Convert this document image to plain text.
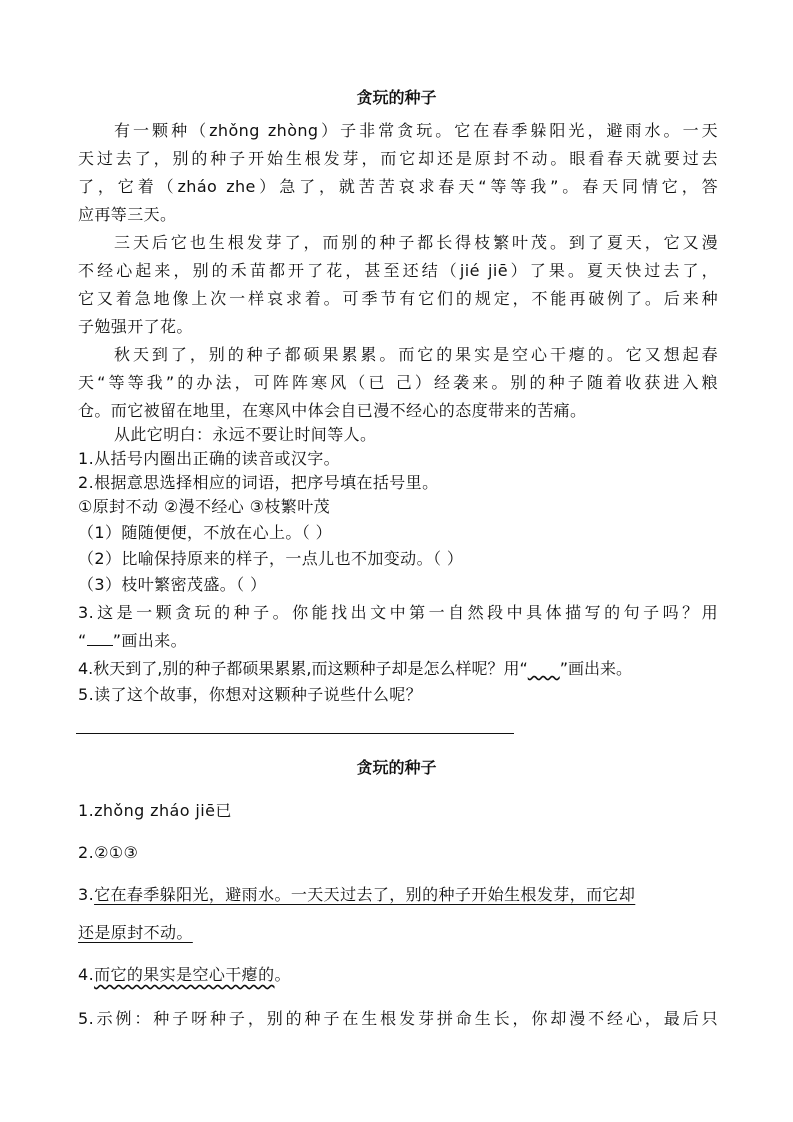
贪玩的种子
有一颗种（zhǒng zhòng）子非常贪玩。它在春季躲阳光，避雨水。一天
天过去了，别的种子开始生根发芽，而它却还是原封不动。眼看春天就要过去
了，它着（zháo zhe）急了，就苦苦哀求春天“等等我”。春天同情它，答
应再等三天。
三天后它也生根发芽了，而别的种子都长得枝繁叶茂。到了夏天，它又漫
不经心起来，别的禾苗都开了花，甚至还结（jié jiē）了果。夏天快过去了，
它又着急地像上次一样哀求着。可季节有它们的规定，不能再破例了。后来种
子勉强开了花。
秋天到了，别的种子都硕果累累。而它的果实是空心干瘪的。它又想起春
天“等等我”的办法，可阵阵寒风（已 己）经袭来。别的种子随着收获进入粮
仓。而它被留在地里，在寒风中体会自已漫不经心的态度带来的苦痛。
从此它明白：永远不要让时间等人。
1.从括号内圈出正确的读音或汉字。
2.根据意思选择相应的词语，把序号填在括号里。
①原封不动 ②漫不经心 ③枝繁叶茂
（1）随随便便，不放在心上。（ ）
（2）比喻保持原来的样子，一点儿也不加变动。（ ）
（3）枝叶繁密茂盛。（ ）
3.这是一颗贪玩的种子。你能找出文中第一自然段中具体描写的句子吗？用
“ ”画出来。
4.秋天到了,别的种子都硕果累累,而这颗种子却是怎么样呢？用“​　　”画出来。
5.读了这个故事，你想对这颗种子说些什么呢？
贪玩的种子
1.zhǒng zháo jiē已
2.②①③
3.它在春季躲阳光，避雨水。一天天过去了，别的种子开始生根发芽，而它却
还是原封不动。
4.而它的果实是空心干瘪的。
5.示例：种子呀种子，别的种子在生根发芽拼命生长，你却漫不经心，最后只
